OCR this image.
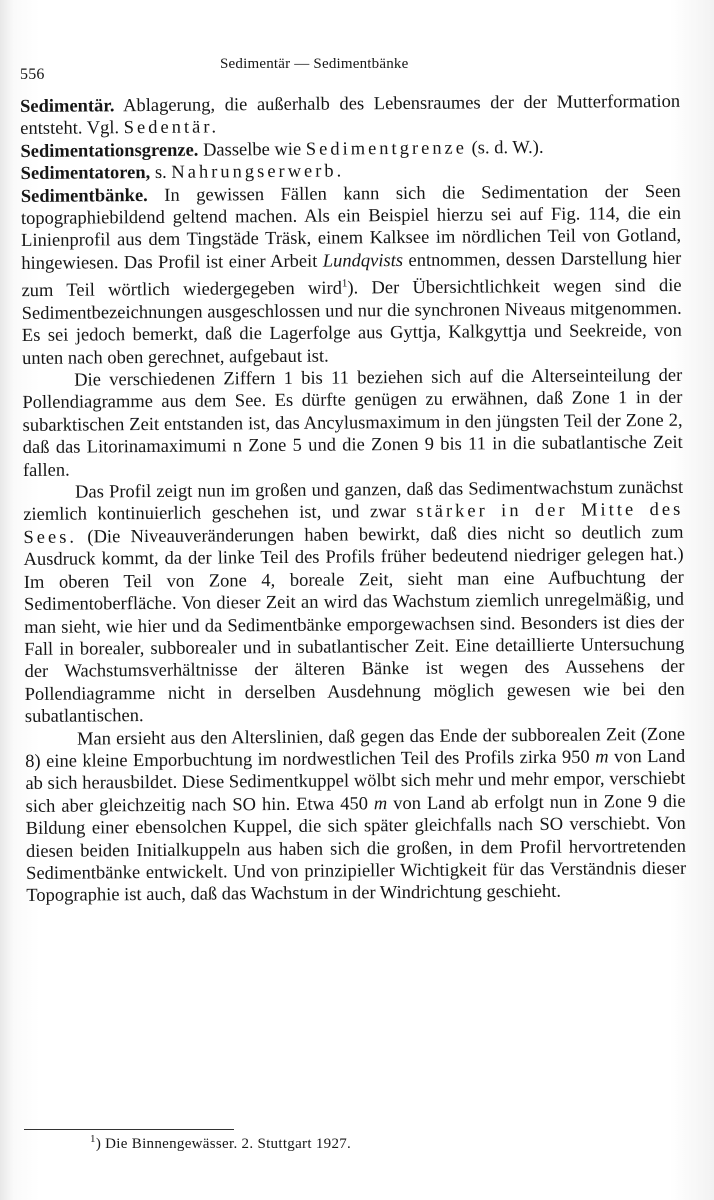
556
Sedimentär — Sedimentbänke

Sedimentär. Ablagerung, die außerhalb des Lebensraumes der der Mutterformation entsteht. Vgl. Sedentär.

Sedimentationsgrenze. Dasselbe wie Sedimentgrenze (s. d. W.).

Sedimentatoren, s. Nahrungserwerb.

Sedimentbänke. In gewissen Fällen kann sich die Sedimentation der Seen topographiebildend geltend machen. Als ein Beispiel hierzu sei auf Fig. 114, die ein Linienprofil aus dem Tingstäde Träsk, einem Kalksee im nördlichen Teil von Gotland, hingewiesen. Das Profil ist einer Arbeit Lundqvists entnommen, dessen Darstellung hier zum Teil wörtlich wiedergegeben wird$^1$). Der Übersichtlichkeit wegen sind die Sedimentbezeichnungen ausgeschlossen und nur die synchronen Niveaus mitgenommen. Es sei jedoch bemerkt, daß die Lagerfolge aus Gyttja, Kalkgyttja und Seekreide, von unten nach oben gerechnet, aufgebaut ist.

Die verschiedenen Ziffern 1 bis 11 beziehen sich auf die Alterseinteilung der Pollendiagramme aus dem See. Es dürfte genügen zu erwähnen, daß Zone 1 in der subarktischen Zeit entstanden ist, das Ancylusmaximum in den jüngsten Teil der Zone 2, daß das Litorinamaximumi n Zone 5 und die Zonen 9 bis 11 in die subatlantische Zeit fallen.

Das Profil zeigt nun im großen und ganzen, daß das Sedimentwachstum zunächst ziemlich kontinuierlich geschehen ist, und zwar stärker in der Mitte des Sees. (Die Niveauveränderungen haben bewirkt, daß dies nicht so deutlich zum Ausdruck kommt, da der linke Teil des Profils früher bedeutend niedriger gelegen hat.) Im oberen Teil von Zone 4, boreale Zeit, sieht man eine Aufbuchtung der Sedimentoberfläche. Von dieser Zeit an wird das Wachstum ziemlich unregelmäßig, und man sieht, wie hier und da Sedimentbänke emporgewachsen sind. Besonders ist dies der Fall in borealer, subborealer und in subatlantischer Zeit. Eine detaillierte Untersuchung der Wachstumsverhältnisse der älteren Bänke ist wegen des Aussehens der Pollendiagramme nicht in derselben Ausdehnung möglich gewesen wie bei den subatlantischen.

Man ersieht aus den Alterslinien, daß gegen das Ende der subborealen Zeit (Zone 8) eine kleine Emporbuchtung im nordwestlichen Teil des Profils zirka 950 m von Land ab sich herausbildet. Diese Sedimentkuppel wölbt sich mehr und mehr empor, verschiebt sich aber gleichzeitig nach SO hin. Etwa 450 m von Land ab erfolgt nun in Zone 9 die Bildung einer ebensolchen Kuppel, die sich später gleichfalls nach SO verschiebt. Von diesen beiden Initialkuppeln aus haben sich die großen, in dem Profil hervortretenden Sedimentbänke entwickelt. Und von prinzipieller Wichtigkeit für das Verständnis dieser Topographie ist auch, daß das Wachstum in der Windrichtung geschieht.

$^1$) Die Binnengewässer. 2. Stuttgart 1927.
